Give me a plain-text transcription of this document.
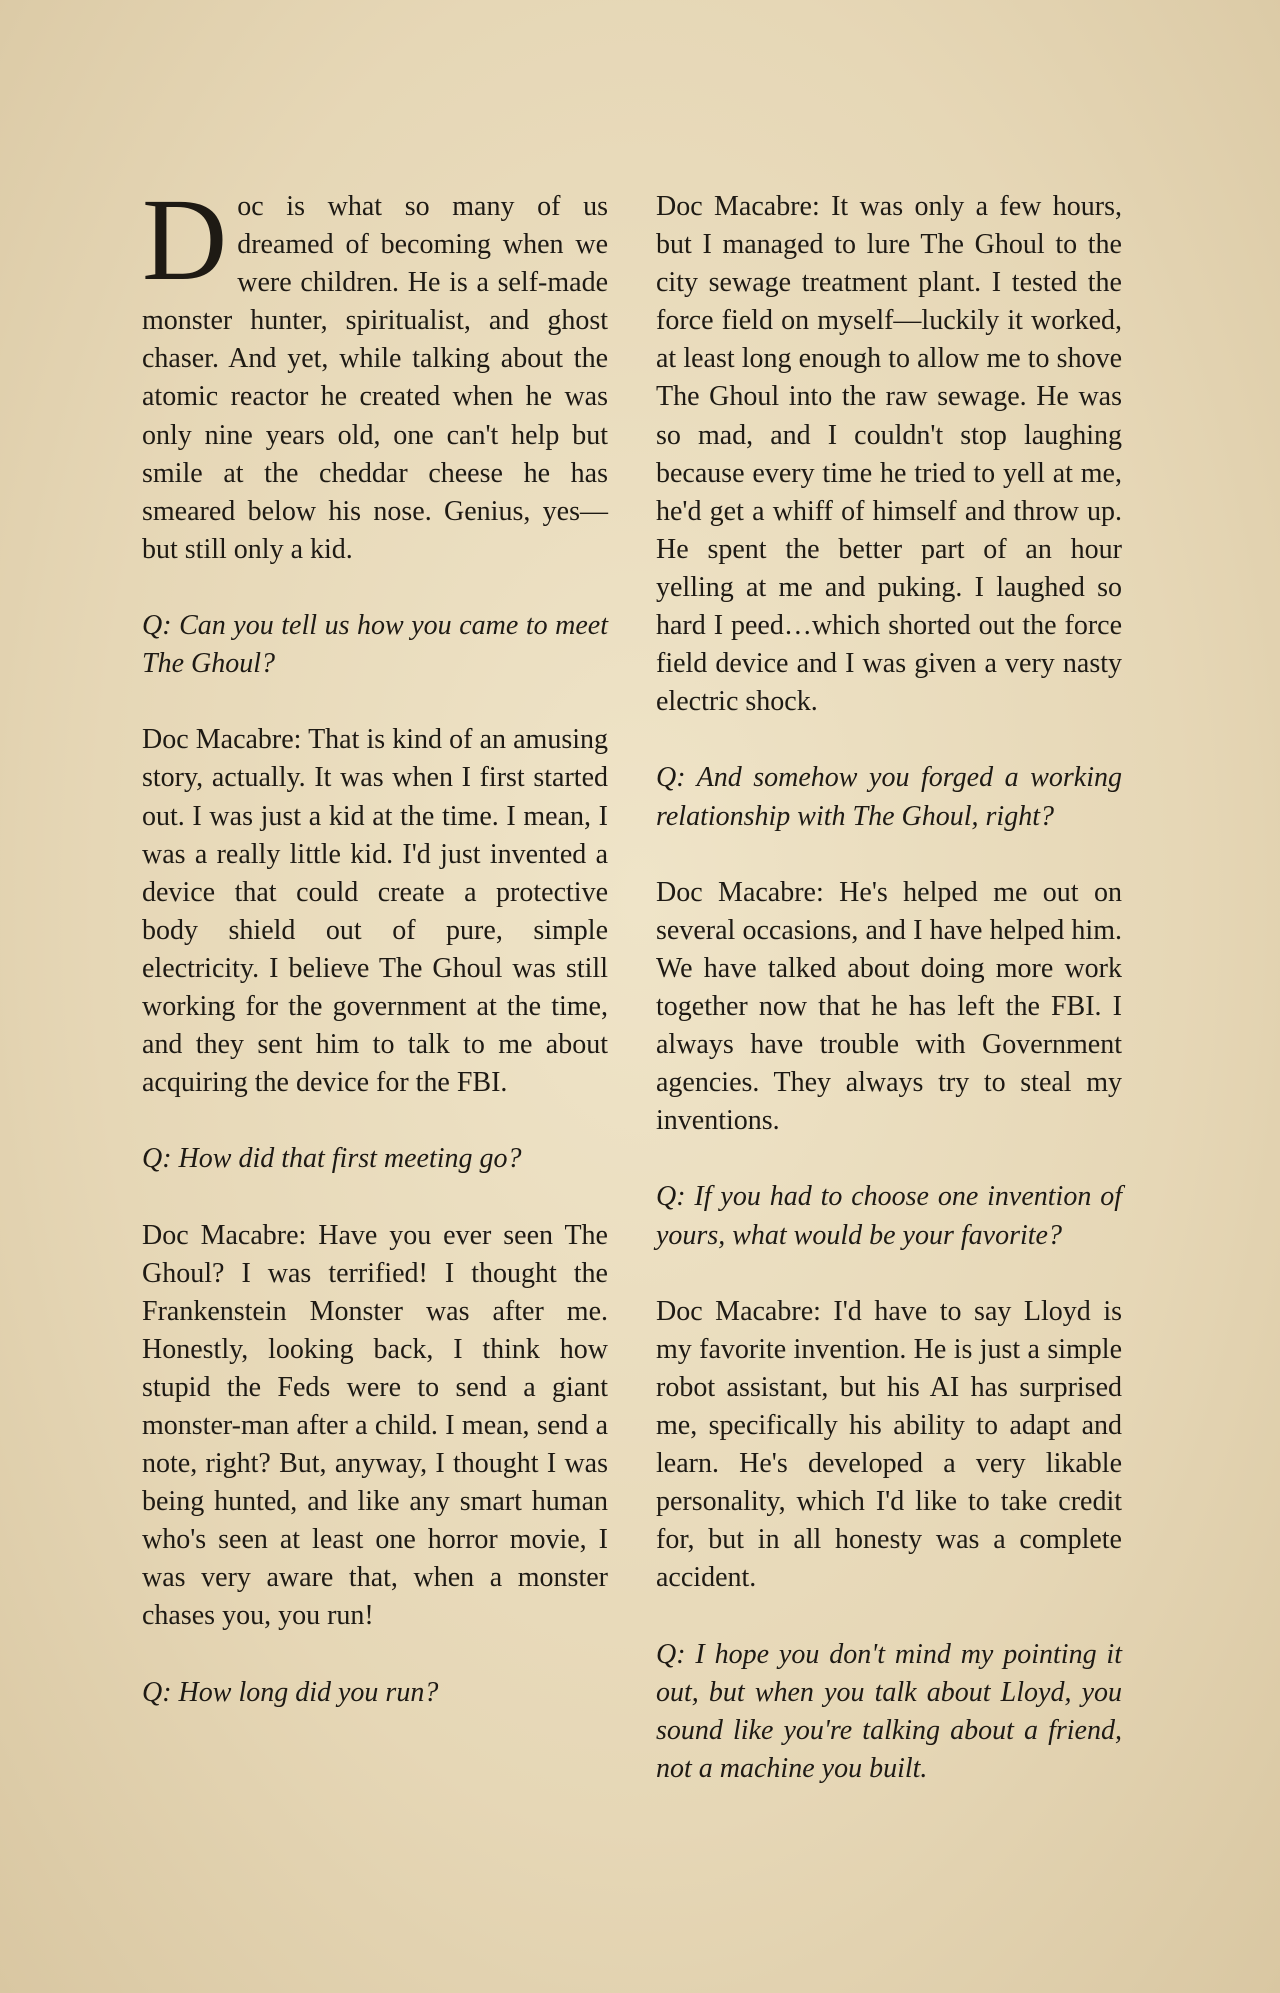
Doc is what so many of us dreamed of becoming when we were children. He is a self-made monster hunter, spiritualist, and ghost chaser. And yet, while talking about the atomic reactor he created when he was only nine years old, one can't help but smile at the cheddar cheese he has smeared below his nose. Genius, yes—but still only a kid.

Q: Can you tell us how you came to meet The Ghoul?

Doc Macabre: That is kind of an amusing story, actually. It was when I first started out. I was just a kid at the time. I mean, I was a really little kid. I'd just invented a device that could create a protective body shield out of pure, simple electricity. I believe The Ghoul was still working for the government at the time, and they sent him to talk to me about acquiring the device for the FBI.

Q: How did that first meeting go?

Doc Macabre: Have you ever seen The Ghoul? I was terrified! I thought the Frankenstein Monster was after me. Honestly, looking back, I think how stupid the Feds were to send a giant monster-man after a child. I mean, send a note, right? But, anyway, I thought I was being hunted, and like any smart human who's seen at least one horror movie, I was very aware that, when a monster chases you, you run!

Q: How long did you run?

Doc Macabre: It was only a few hours, but I managed to lure The Ghoul to the city sewage treatment plant. I tested the force field on myself—luckily it worked, at least long enough to allow me to shove The Ghoul into the raw sewage. He was so mad, and I couldn't stop laughing because every time he tried to yell at me, he'd get a whiff of himself and throw up. He spent the better part of an hour yelling at me and puking. I laughed so hard I peed…which shorted out the force field device and I was given a very nasty electric shock.

Q: And somehow you forged a working relationship with The Ghoul, right?

Doc Macabre: He's helped me out on several occasions, and I have helped him. We have talked about doing more work together now that he has left the FBI. I always have trouble with Government agencies. They always try to steal my inventions.

Q: If you had to choose one invention of yours, what would be your favorite?

Doc Macabre: I'd have to say Lloyd is my favorite invention. He is just a simple robot assistant, but his AI has surprised me, specifically his ability to adapt and learn. He's developed a very likable personality, which I'd like to take credit for, but in all honesty was a complete accident.

Q: I hope you don't mind my pointing it out, but when you talk about Lloyd, you sound like you're talking about a friend, not a machine you built.
